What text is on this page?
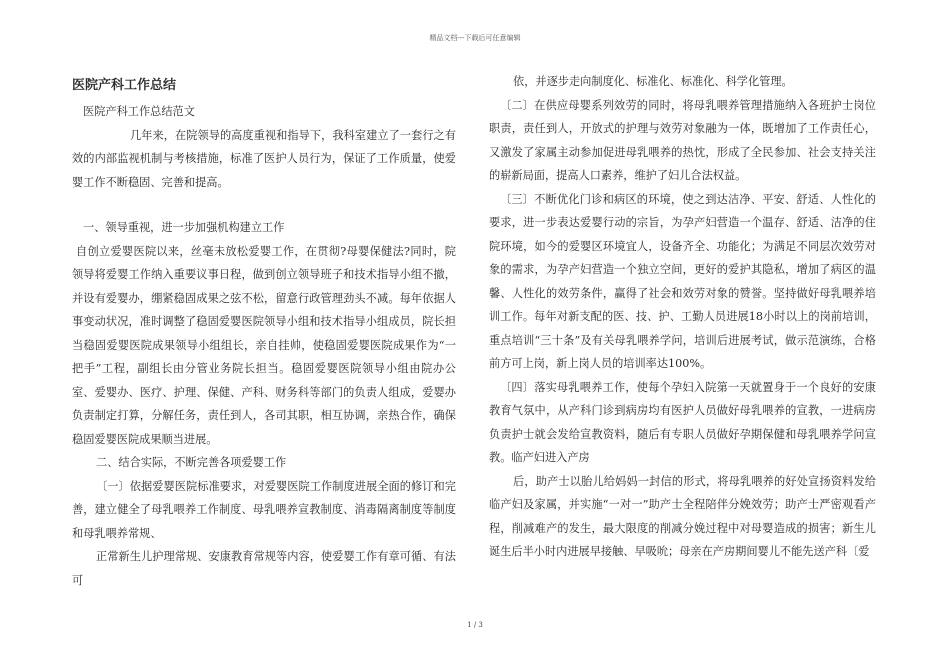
精品文档---下载后可任意编辑

医院产科工作总结

医院产科工作总结范文

几年来，在院领导的高度重视和指导下，我科室建立了一套行之有效的内部监视机制与考核措施，标准了医护人员行为，保证了工作质量，使爱婴工作不断稳固、完善和提高。

一、领导重视，进一步加强机构建立工作

自创立爱婴医院以来，丝毫未放松爱婴工作，在贯彻?母婴保健法?同时，院领导将爱婴工作纳入重要议事日程，做到创立领导班子和技术指导小组不撤，并设有爱婴办，绷紧稳固成果之弦不松，留意行政管理劲头不减。每年依据人事变动状况，准时调整了稳固爱婴医院领导小组和技术指导小组成员，院长担当稳固爱婴医院成果领导小组组长，亲自挂帅，使稳固爱婴医院成果作为“一把手”工程，副组长由分管业务院长担当。稳固爱婴医院领导小组由院办公室、爱婴办、医疗、护理、保健、产科、财务科等部门的负责人组成，爱婴办负责制定打算，分解任务，责任到人，各司其职，相互协调，亲热合作，确保稳固爱婴医院成果顺当进展。

二、结合实际，不断完善各项爱婴工作

〔一〕依据爱婴医院标准要求，对爱婴医院工作制度进展全面的修订和完善，建立健全了母乳喂养工作制度、母乳喂养宣教制度、消毒隔离制度等制度和母乳喂养常规、

正常新生儿护理常规、安康教育常规等内容，使爱婴工作有章可循、有法可

依，并逐步走向制度化、标准化、标准化、科学化管理。

〔二〕在供应母婴系列效劳的同时，将母乳喂养管理措施纳入各班护士岗位职责，责任到人，开放式的护理与效劳对象融为一体，既增加了工作责任心，又激发了家属主动参加促进母乳喂养的热忱，形成了全民参加、社会支持关注的崭新局面，提高人口素养，维护了妇儿合法权益。

〔三〕不断优化门诊和病区的环境，使之到达洁净、平安、舒适、人性化的要求，进一步表达爱婴行动的宗旨，为孕产妇营造一个温存、舒适、洁净的住院环境，如今的爱婴区环境宜人，设备齐全、功能化；为满足不同层次效劳对象的需求，为孕产妇营造一个独立空间，更好的爱护其隐私，增加了病区的温馨、人性化的效劳条件，赢得了社会和效劳对象的赞誉。坚持做好母乳喂养培训工作。每年对新支配的医、技、护、工勤人员进展18小时以上的岗前培训，重点培训“三十条”及有关母乳喂养学问，培训后进展考试，做示范演练，合格前方可上岗，新上岗人员的培训率达100%。

〔四〕落实母乳喂养工作，使每个孕妇入院第一天就置身于一个良好的安康教育气氛中，从产科门诊到病房均有医护人员做好母乳喂养的宣教，一进病房负责护士就会发给宣教资料，随后有专职人员做好孕期保健和母乳喂养学问宣教。临产妇进入产房

后，助产士以胎儿给妈妈一封信的形式，将母乳喂养的好处宣扬资料发给临产妇及家属，并实施“一对一”助产士全程陪伴分娩效劳；助产士严密观看产程，削减难产的发生，最大限度的削减分娩过程中对母婴造成的损害；新生儿诞生后半小时内进展早接触、早吸吮；母亲在产房期间婴儿不能先送产科〔爱

1 / 3
